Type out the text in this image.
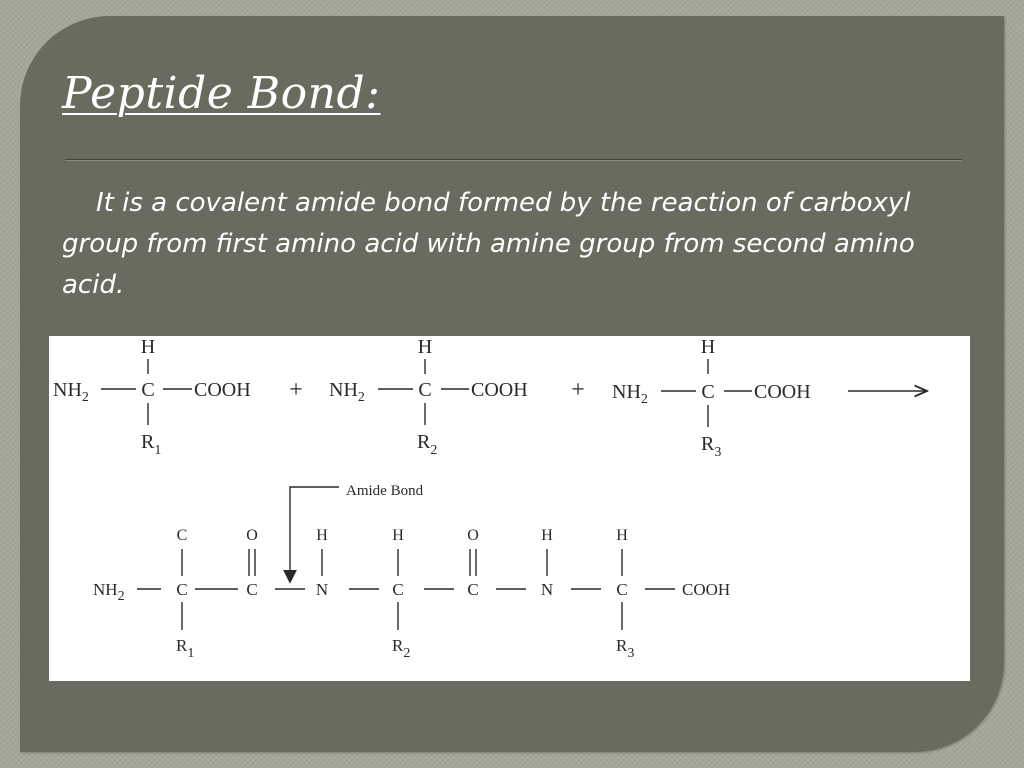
Peptide Bond:

It is a covalent amide bond formed by the reaction of carboxyl group from first amino acid with amine group from second amino acid.

H
$NH_2$	C COOH
$R_1$
+
H
$NH_2$	C COOH
$R_2$
+
H
$NH_2$	C COOH
$R_3$
Amide Bond
$NH_2$	C	C	N	C	C	N	C	COOH
C	O	H	H	O	H	H
$R_1$	$R_2$	$R_3$
